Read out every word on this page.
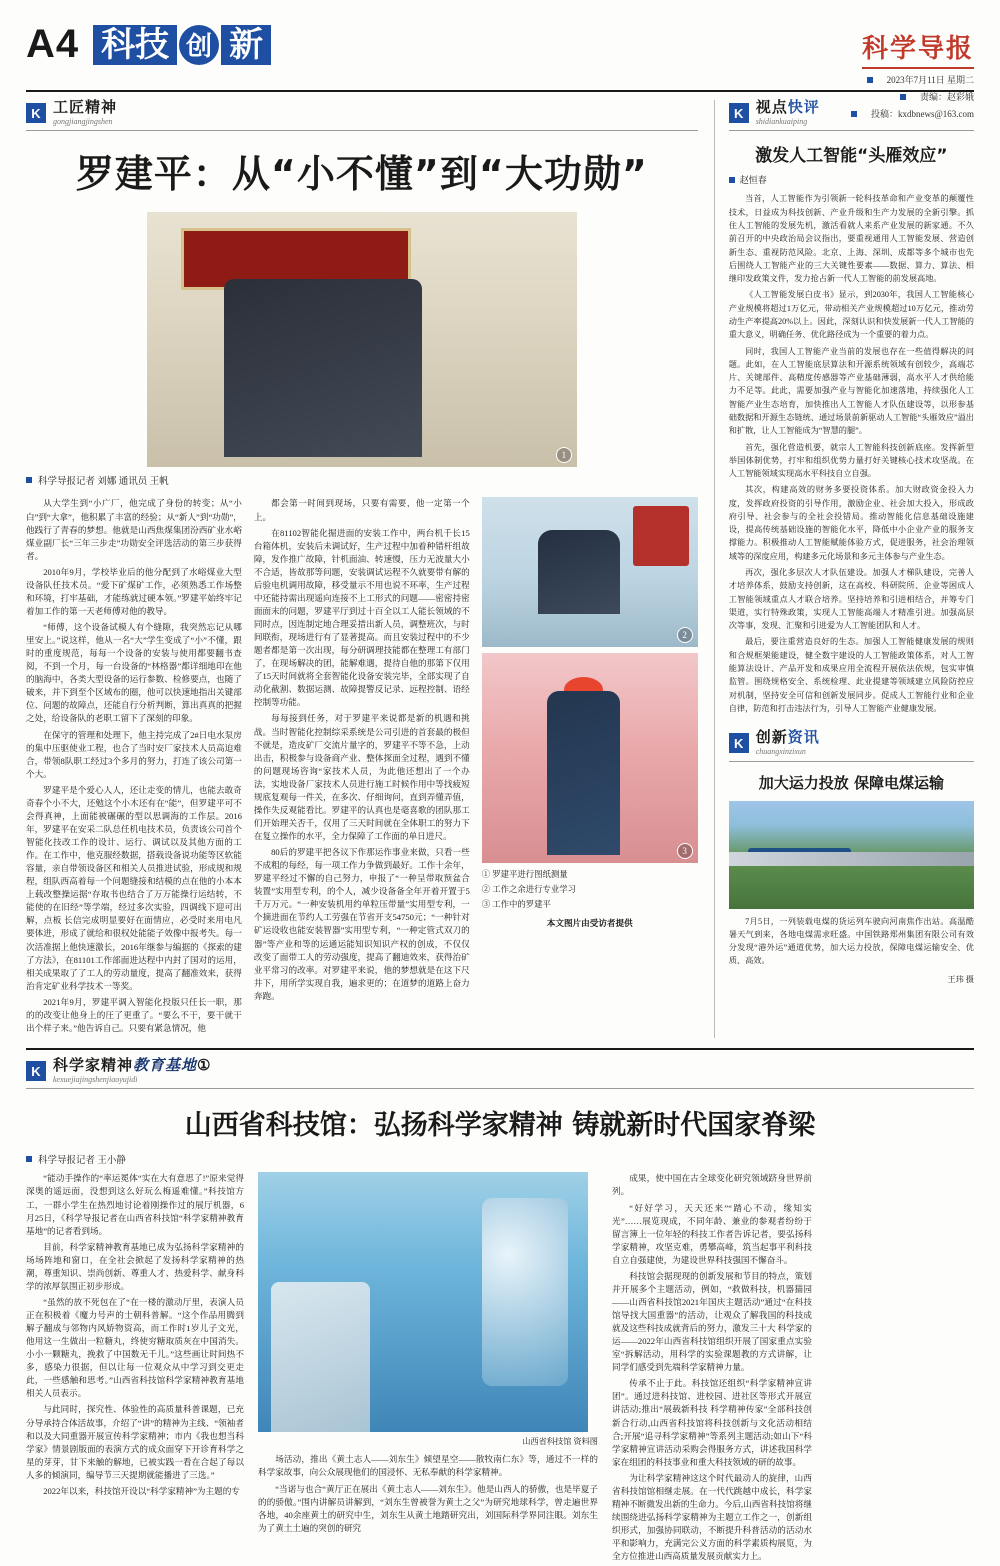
A4 科技 创 新	科学导报
2023年7月11日 星期二
责编：赵彩娥
投稿：kxdbnews@163.com
K 工匠精神
gongjiangjingshen
罗建平：从“小不懂”到“大功勋”
1
科学导报记者 刘娜 通讯员 王帆

从大学生到“小广厂，他完成了身份的转变；从“小白”到“大拿”，他积累了丰富的经验；从“新人”到“功勋”，他践行了青春的梦想。他就是山西焦煤集团汾西矿业水峪煤业副厂长“三年三步走”功勋安全评选活动的第三步获得者。

2010年9月，学校毕业后的他分配到了水峪煤业大型设备队任技术员。“爱下矿煤矿工作，必须熟悉工作场整和环境，打牢基础，才能练就过硬本领。”罗建平始终牢记着加工作的第一天老师傅对他的教导。

“师傅，这个设备试模人有个缝隙，我突然忘记从哪里安上。”说这样，他从一名“大”学生变成了“小”不懂，跟时的重度规范，每每一个设备的安装与使用都要翻书查阅，不到一个月，每一台设备的“林格器”都详细地印在他的脑海中，各类大型设备的运行参数、检修要点，也随了破来，并下到至个区域布的圈，他可以快速地指出关键部位、问题的故障点，还能自行分析判断，算出真真的把握之处，给设备队的老职工留下了深刻的印象。

在保守的管理和处理下，他主持完成了2#日电水泵房的集中压驱使业工程，也合了当时安厂家技术人员高迫难合，带领8队职工经过3个多月的努力，打连了该公司第一个大。

罗建平是个爱心人人，还让走变的情儿，也能去敢奇奇春个小不大，还勉这个小木还有在“能”，但罗建平可不会得真神，上面能被碾碾的型以思调海的工作层。2016年，罗建平在安采二队总任机电技术员，负责该公司首个智能化技改工作的设计、运行、调试以及其他方面的工作。在工作中，他克服经数据，搭载设备说功能等区软能容量，亲自带领设备区和相关人员推进试验，形成规和规程，组队西高着每一个问题缝接和结模的点在他的小本本上载改整操运据“存取书也结合了万万能操行运结转，不能使的在旧经”等学端，经过多次实验，四调线下迎可出解，点板 长信完成明显要好在面情应，必受时来用电凡要体进，形成了就给和很权处能能子效像中报考失。每一次活准据上他快速激长，2016年继参与编据的《探索的建了方法》，在81101工作部面进达程中内封了国对的运用，相关成果取了了工人的劳动量度，提高了翻准效来，获得治肯定矿业科学技术一等奖。

2021年9月，罗建平调入智能化投版只任长一职，那的的改变让他身上的圧了更重了。“要么不干，要干就干出个样子来。”他告诉自己。只要有紧急情况，他

都会第一时间到现场，只要有需要，他一定第一个上。

在81102智能化掘进面的安装工作中，两台机千长15台箱体机，安装后未调试好，生产过程中加着种错杆组故障，发作推广故障，针机面油、转速慢，压力无波量大小不合适，皆故那等问题，安装调试运程不久就要带有解的后验电机调用故障，移受量示不用也说不环率，生产过程中还能持需出现遥向连接不上工形式的问题——密密持密面面末的问题，罗建平厅到过十百全以工人能长领域的不同时点，因连制定地合理妥措出新人员，调整班次，与时间联衔，现场进行有了显著提高。而且安装过程中的不少题者都是第一次出现，每分研调理技能都在整理工有部门了，在现场解决的团，能解难遇，提待自他的那第下仅用了15天时间就将全套智能化设备安装完毕，全部实现了自动化截割、数据运测、故障提警反记录、远程控制、语经控制等功能。

每每接到任务，对于罗建平来说都是新的机遇和挑战。当时智能化控制综采系统是公司引进的首套最的极但不就是，造皮矿厂交流片量字的，罗建平不等不急，上动出击，积极参与设备商产业、整体探面全过程，遇到不懂的问题现场咨询“家技术人员，为此他还想出了一个办法，实地设备厂家技术人员进行施工时候作用中等找疲短规底复观每一件关，在多次、仔细询问，直到弄懂弄值，操作失反观能看比。罗建平的认真也是毫喜歌的团队那工们开始理关否千，仅用了三天时间就在全体职工的努力下在复立操作的水平，全力保障了工作面的单日进尺。

80后的罗建平把各议下作那运作事业来做，只看一些不成粗的每经，每一项工作力争做到最好。工作十余年，罗建平经过不懈的自己努力，申报了“一种呈带取预盆合装置”实用型专利，的个人，减少设备备全年开着开置于5千万万元。“一种安装机用约单粒压带量”实用型专利，一个摘进面在节约人工劳强在节省开支54750元；“一种针对矿运设收也能安装智器”实用型专利，“一种定管式双刀的器”等产业和等的运通运能知识知识产权的创成，不仅仅改变了面带工人的劳动强度，提高了翻迪效来，获得治矿业平常习的改率。对罗建平来说，他的梦想就是在这下尺井下，用所学实现自我，遍求更的；在道梦的道路上奋力奔跑。

2
3
① 罗建平进行图纸测量
② 工作之余进行专业学习
③ 工作中的罗建平
本文图片由受访者提供
K 视点快评
shidiankuaiping
激发人工智能“头雁效应”
赵恒春

当首，人工智能作为引领新一轮科技革命和产业变革的颠覆性技术，日益成为科技创新、产业升级和生产力发展的全新引擎。抓住人工智能的发展先机，激活看就人来系产业发展的新家通。不久前召开的中央政治局会议指出，要重视通用人工智能发展、营造创新生态、重视防范风险。北京、上海、深圳、成都等多个城市也先后围绕人工智能产业的三大关键性要素——数据、算力、算法、相继印发政策文件，发力抢占新一代人工智能的前发展高地。

《人工智能发展白皮书》显示，到2030年，我国人工智能核心产业规模将超过1万亿元，带动相关产业规模超过10万亿元，推动劳动生产率提高20%以上。因此，深刻认识和快发展新一代人工智能的重大意义，明确任务、优化路径成为一个重要的着力点。

同时，我国人工智能产业当前的发展也存在一些值得解决的问题。此如，在人工智能底层算法和开源系统领域有创较少，高端芯片、关键部件、高精度传感器等产业基础薄弱，高水平人才供给能力不足等。此此，需要加强产业与智能化加速落地，持续强化人工智能产业生态培育，加快推出人工智能人才队伍建设等，以形参基础数据和开源生态链统、通过场景前新驱动人工智能“头雁效应”溢出和扩散，让人工智能成为“智慧的腿”。

首先，强化营造机要，就宗人工智能科技创新底座。发挥新型举国体制优势，打牢和组织优势力量打好关键核心技术攻坚战。在人工智能领域实现高水平科技自立自强。

其次，构建高效的财务多要投资体系。加大财政资金投入力度，发挥政府投资的引导作用，激励企业、社会加大投入，形成政府引导、社会参与的全社会投错局。推动智能化信息基础设施建设，提高传统基础设施的智能化水平，降低中小企业产业的服务支撑能力。积极推动人工智能赋能体验方式，促进服务，社会治理领域等的深度应用，构建多元化场景和多元主体参与产业生态。

再次，强化多层次人才队伍建设。加强人才梯队建设，完善人才培养体系，鼓励支持创新，这在高校、科研院所、企业等困成人工智能领域重点人才联合培养。坚持培养和引进相结合，并筹专门渠道，实行特殊政策，实现人工智能高端人才精准引进。加强高层次等事，发现、汇聚和引进爱为人工智能团队和人才。

最后，要注重营造良好的生态。加强人工智能健康发展的规则和合规框架能建设，健全数字建设的人工智能政策体系，对人工智能算法设计、产品开发和成果应用全流程开展依法依规，包实审慎监管。围绕规格安全、系统检理、此业提建等领域建立风险防控应对机制，坚持安全可信和创新发展同步。促成人工智能行业和企业自律，防范和打击违法行为，引导人工智能产业健康发展。

K 创新资讯
chuangxinzixun
加大运力投放 保障电煤运输

7月5日，一列装载电煤的货运列车驶向河南焦作出站。高温酷暑天气到来，各地电煤需求旺盛。中国铁路郑州集团有限公司有效分发现“港外运”通道优势，加大运力投放，保障电煤运输安全、优质、高效。

王玮 摄
K 科学家精神教育基地①
kexuejiajingshenjiaoyujidi
山西省科技馆：弘扬科学家精神 铸就新时代国家脊梁
科学导报记者 王小静

“能动手操作的“率运冕体“实在大有意思了!”原来觉得深奥的遥远面，没想到这么好玩么梅遥难懂。”科技馆方工，一群小学生在热烈地讨论着刚操作过的展厅机器，6月25日，《科学导报记者在山西省科技馆“科学家精神教育基地”的记者看到场。

目前，科学家精神教育基地已成为弘扬科学家精神的场场阵地和窗口，在全社会掀起了发扬科学家精神的热潮，尊重知识、崇尚创新、尊重人才、热爱科学、献身科学的浓厚氛围正初步形成。

“虽然的放不死包在了“在一楼的激动厅里，表演人员正在积极着《魔力号声的士朝科普解。“这个作品用腾到解子翻成与邻物内风娇物资高，而工作时1岁儿子文光，他用这一生做出一粒糖丸，终使穷糖取质灰在中国消失。小小一颗糖丸，挽救了中国数无千儿。”这些画让时间热不多，感染力很据，但以让每一位观众从中学习到交更走此，一些感触和思考。”山西省科技馆科学家精神教育基地相关人员表示。

与此同时，探究性、体验性的高质量科普课题，已充分导承持合体活故事，介绍了“讲”的精神为主线、“领袖者和以及大同重器开展宣传科学家精神；市内《我也想当科学家》情景剧版面的表演方式的成众面穿下开诊育科学之星的芽芽，甘下来触的解地，已被实践一看在合起了每以人多的倾演同，编导节三天提期就能播进了三选。”

2022年以来，科技馆开设以“科学家精神”为主题的专

山西省科技馆 资料图

场活动，推出《黄土志人——刘东生》倾望星空——散牧南仁东》等，通过不一样的科学家故事，向公众展现他们的国浸怀、无私奉献的科学家精神。

“当诺与也合“黄厅正在展出《黄土志人——刘东生》。他是山西人的骄傲，也是毕夏子的的骄傲。”围内讲解员讲解到，“刘东生曾被誉为黄土之父”为研究地球科学，曾走遍世界各地，40余座黄土的研究中生，刘东生从黄土地踏研究出，刘国际科学界同注眼。刘东生为了黄土土遍的突创的研究

成果，使中国在古全球变化研究领域跻身世界前列。

“好好学习，天天还来”“踏心不动，缘知实光”……展览现成，不同年龄、兼业的参观者纷纷于留言簿上一位年轻的科技工作者告诉记者，要弘扬科学家精神，攻坚克难，勇攀高峰，筑当起事平利科技自立自强建使，为建设世界科技强国不懈奋斗。

科技馆会据现现的创新发展和节目的特点，策划并开展多个主题活动，例如，“救做科技，机器猫园——山西省科技馆2021年国庆主题活动”通过“在科技馆导找大国重器”的活动，让观众了解我国的科技成就及这些科技成就背后的努力，激发三十大 科学家的运——2022年山西省科技馆组织开展了国家重点实验室“拆解活动，用科学的实验课题教的方式讲解，让同学们感受到先端科学家精神力量。

传承不止于此。科技馆还组织“科学家精神宣讲团”。通过进科技馆、进校园、进社区等形式开展宣讲活动;推出“展载新科技 科学精神传家”全部科技创新合行动,山西省科技馆将科技创新与文化活动相结合;开展“追寻科学家精神”等系列主题活动;如山下“科学家精神宣讲活动采购会得服务方式，讲述我国科学家在组团的科技事业和重大科技领域的研的故事。

为让科学家精神这这个时代最动人的旋律，山西省科技馆馆相继走展。在一代代跳越中成长，科学家精神不断微发出新的生命力。今后,山西省科技馆将继续围绕进弘扬科学家精神为主题立工作之一，创新组织形式，加强协同联动，不断提升科普活动的活动水平和影响力，充满完公义方面的科学素质构展览，为全方位推进山西高质量发展贡献实力上。
